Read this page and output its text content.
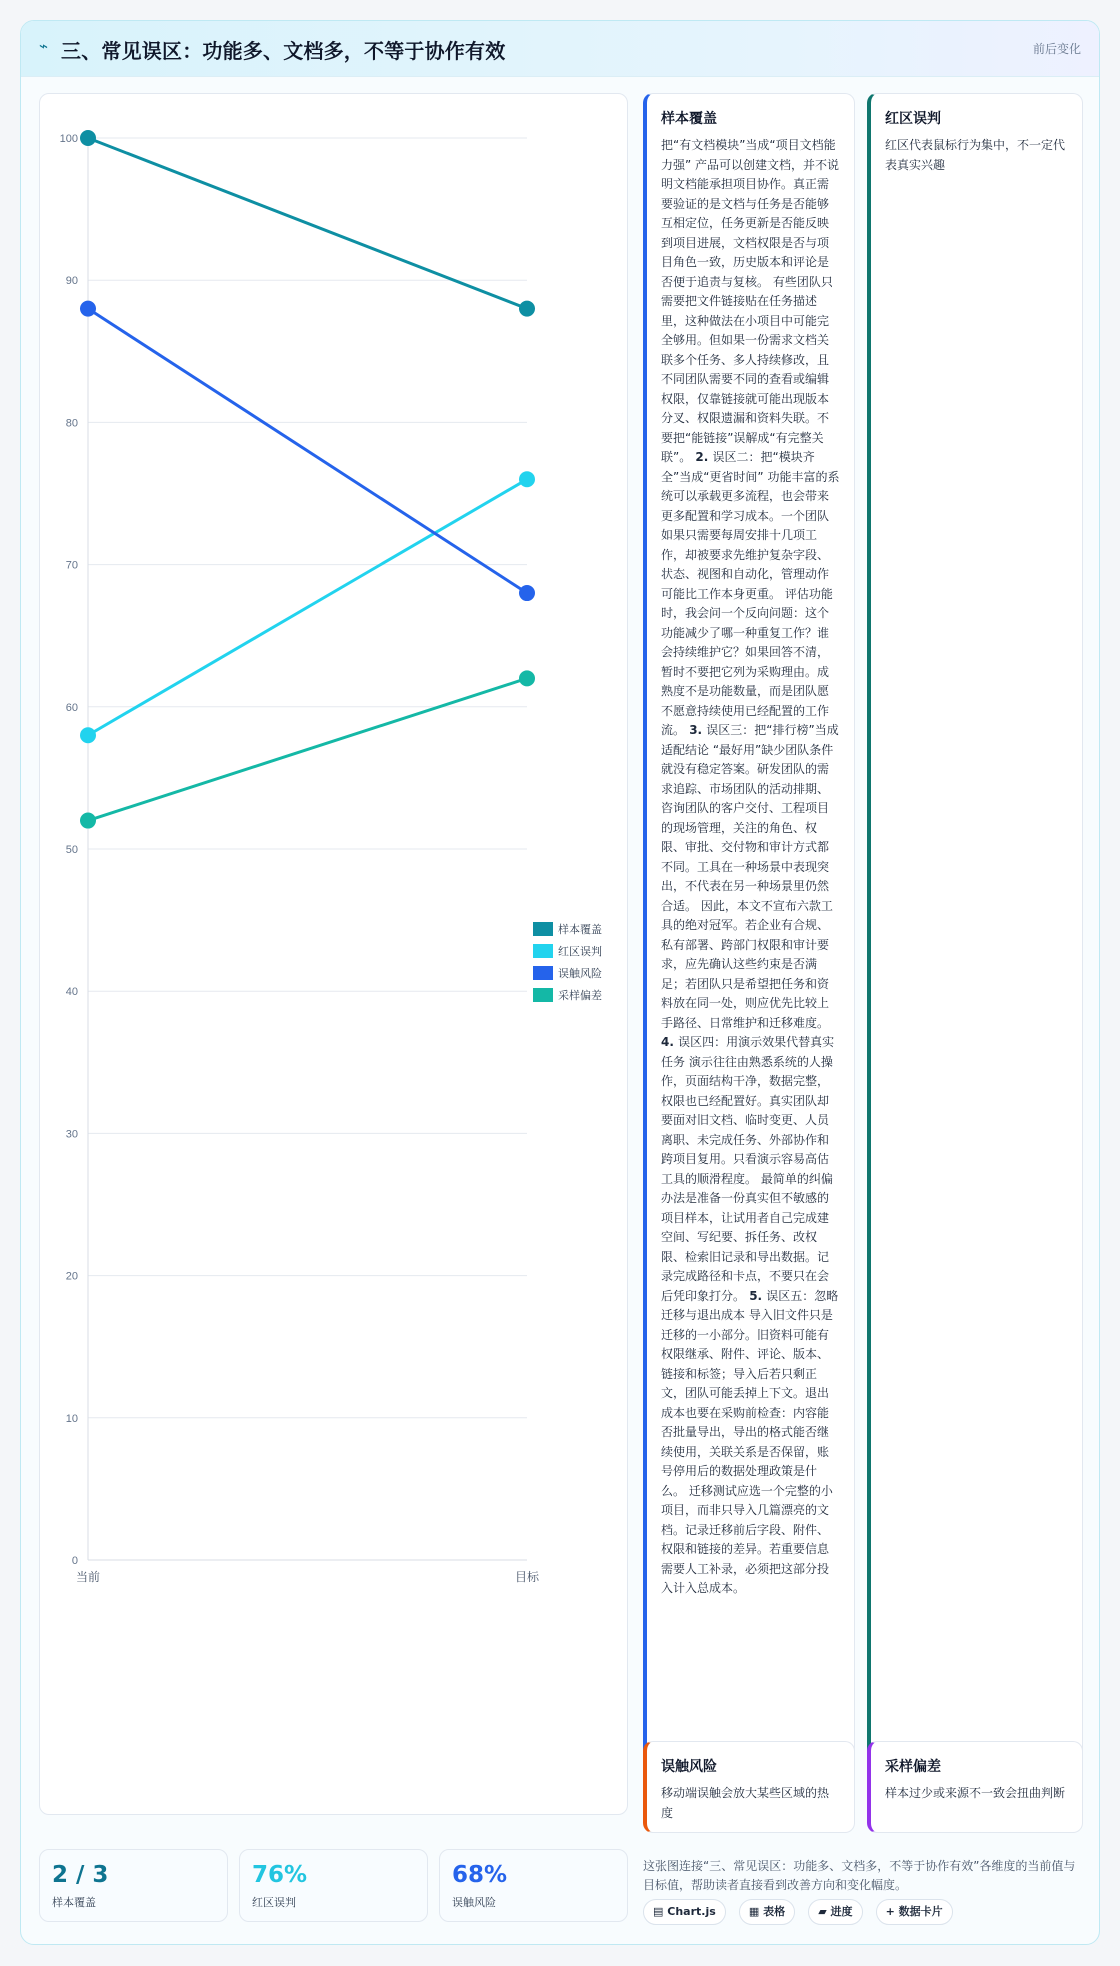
⌁ 三、常见误区：功能多、文档多，不等于协作有效	前后变化
0
10
20
30
40
50
60
70
80
90
100
当前	目标
样本覆盖
红区误判
误触风险
采样偏差
样本覆盖

把“有文档模块”当成“项目文档能力强” 产品可以创建文档，并不说明文档能承担项目协作。真正需要验证的是文档与任务是否能够互相定位，任务更新是否能反映到项目进展，文档权限是否与项目角色一致，历史版本和评论是否便于追责与复核。 有些团队只需要把文件链接贴在任务描述里，这种做法在小项目中可能完全够用。但如果一份需求文档关联多个任务、多人持续修改，且不同团队需要不同的查看或编辑权限，仅靠链接就可能出现版本分叉、权限遗漏和资料失联。不要把“能链接”误解成“有完整关联”。 2. 误区二：把“模块齐全”当成“更省时间” 功能丰富的系统可以承载更多流程，也会带来更多配置和学习成本。一个团队如果只需要每周安排十几项工作，却被要求先维护复杂字段、状态、视图和自动化，管理动作可能比工作本身更重。 评估功能时，我会问一个反向问题：这个功能减少了哪一种重复工作？谁会持续维护它？如果回答不清，暂时不要把它列为采购理由。成熟度不是功能数量，而是团队愿不愿意持续使用已经配置的工作流。 3. 误区三：把“排行榜”当成适配结论 “最好用”缺少团队条件就没有稳定答案。研发团队的需求追踪、市场团队的活动排期、咨询团队的客户交付、工程项目的现场管理，关注的角色、权限、审批、交付物和审计方式都不同。工具在一种场景中表现突出，不代表在另一种场景里仍然合适。 因此，本文不宣布六款工具的绝对冠军。若企业有合规、私有部署、跨部门权限和审计要求，应先确认这些约束是否满足；若团队只是希望把任务和资料放在同一处，则应优先比较上手路径、日常维护和迁移难度。 4. 误区四：用演示效果代替真实任务 演示往往由熟悉系统的人操作，页面结构干净，数据完整，权限也已经配置好。真实团队却要面对旧文档、临时变更、人员离职、未完成任务、外部协作和跨项目复用。只看演示容易高估工具的顺滑程度。 最简单的纠偏办法是准备一份真实但不敏感的项目样本，让试用者自己完成建空间、写纪要、拆任务、改权限、检索旧记录和导出数据。记录完成路径和卡点，不要只在会后凭印象打分。 5. 误区五：忽略迁移与退出成本 导入旧文件只是迁移的一小部分。旧资料可能有权限继承、附件、评论、版本、链接和标签；导入后若只剩正文，团队可能丢掉上下文。退出成本也要在采购前检查：内容能否批量导出，导出的格式能否继续使用，关联关系是否保留，账号停用后的数据处理政策是什么。 迁移测试应选一个完整的小项目，而非只导入几篇漂亮的文档。记录迁移前后字段、附件、权限和链接的差异。若重要信息需要人工补录，必须把这部分投入计入总成本。

红区误判

红区代表鼠标行为集中，不一定代表真实兴趣

误触风险

移动端误触会放大某些区域的热度

采样偏差

样本过少或来源不一致会扭曲判断

2 / 3
样本覆盖
76%
红区误判
68%
误触风险
这张图连接“三、常见误区：功能多、文档多，不等于协作有效”各维度的当前值与目标值，帮助读者直接看到改善方向和变化幅度。
▤ Chart.js	▦ 表格	▰ 进度	+ 数据卡片
